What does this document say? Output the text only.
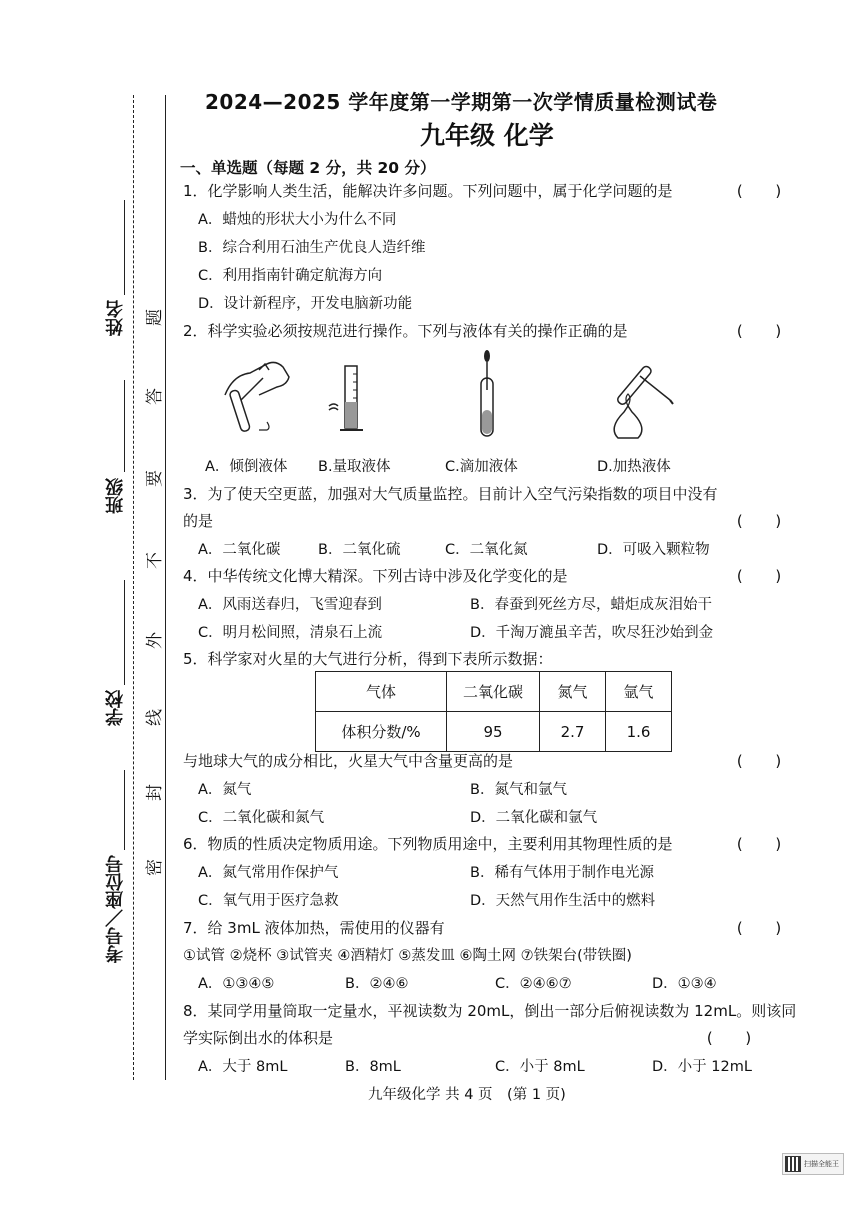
姓名
班级
学校
考号／座位号
题
答
要
不
外
线
封
密
2024—2025 学年度第一学期第一次学情质量检测试卷
九年级 化学
一、单选题（每题 2 分，共 20 分）
1．化学影响人类生活，能解决许多问题。下列问题中，属于化学问题的是	(　　)
A．蜡烛的形状大小为什么不同
B．综合利用石油生产优良人造纤维
C．利用指南针确定航海方向
D．设计新程序，开发电脑新功能
2．科学实验必须按规范进行操作。下列与液体有关的操作正确的是	(　　)
A．倾倒液体 B.量取液体	C.滴加液体	D.加热液体
3．为了使天空更蓝，加强对大气质量监控。目前计入空气污染指数的项目中没有
的是	(　　)
A．二氧化碳	B．二氧化硫	C．二氧化氮	D．可吸入颗粒物
4．中华传统文化博大精深。下列古诗中涉及化学变化的是	(　　)
A．风雨送春归，飞雪迎春到	B．春蚕到死丝方尽，蜡炬成灰泪始干
C．明月松间照，清泉石上流	D．千淘万漉虽辛苦，吹尽狂沙始到金
5．科学家对火星的大气进行分析，得到下表所示数据：
气体	二氧化碳	氮气	氩气
体积分数/%	95	2.7	1.6
与地球大气的成分相比，火星大气中含量更高的是	(　　)
A．氮气	B．氮气和氩气
C．二氧化碳和氮气	D．二氧化碳和氩气
6．物质的性质决定物质用途。下列物质用途中，主要利用其物理性质的是	(　　)
A．氮气常用作保护气	B．稀有气体用于制作电光源
C．氧气用于医疗急救	D．天然气用作生活中的燃料
7．给 3mL 液体加热，需使用的仪器有	(　　)
①试管 ②烧杯 ③试管夹 ④酒精灯 ⑤蒸发皿 ⑥陶土网 ⑦铁架台(带铁圈)
A．①③④⑤	B．②④⑥	C．②④⑥⑦	D．①③④
8．某同学用量筒取一定量水，平视读数为 20mL，倒出一部分后俯视读数为 12mL。则该同
学实际倒出水的体积是	(　　)
A．大于 8mL	B．8mL	C．小于 8mL	D．小于 12mL
九年级化学 共 4 页　(第 1 页)
扫描全能王
